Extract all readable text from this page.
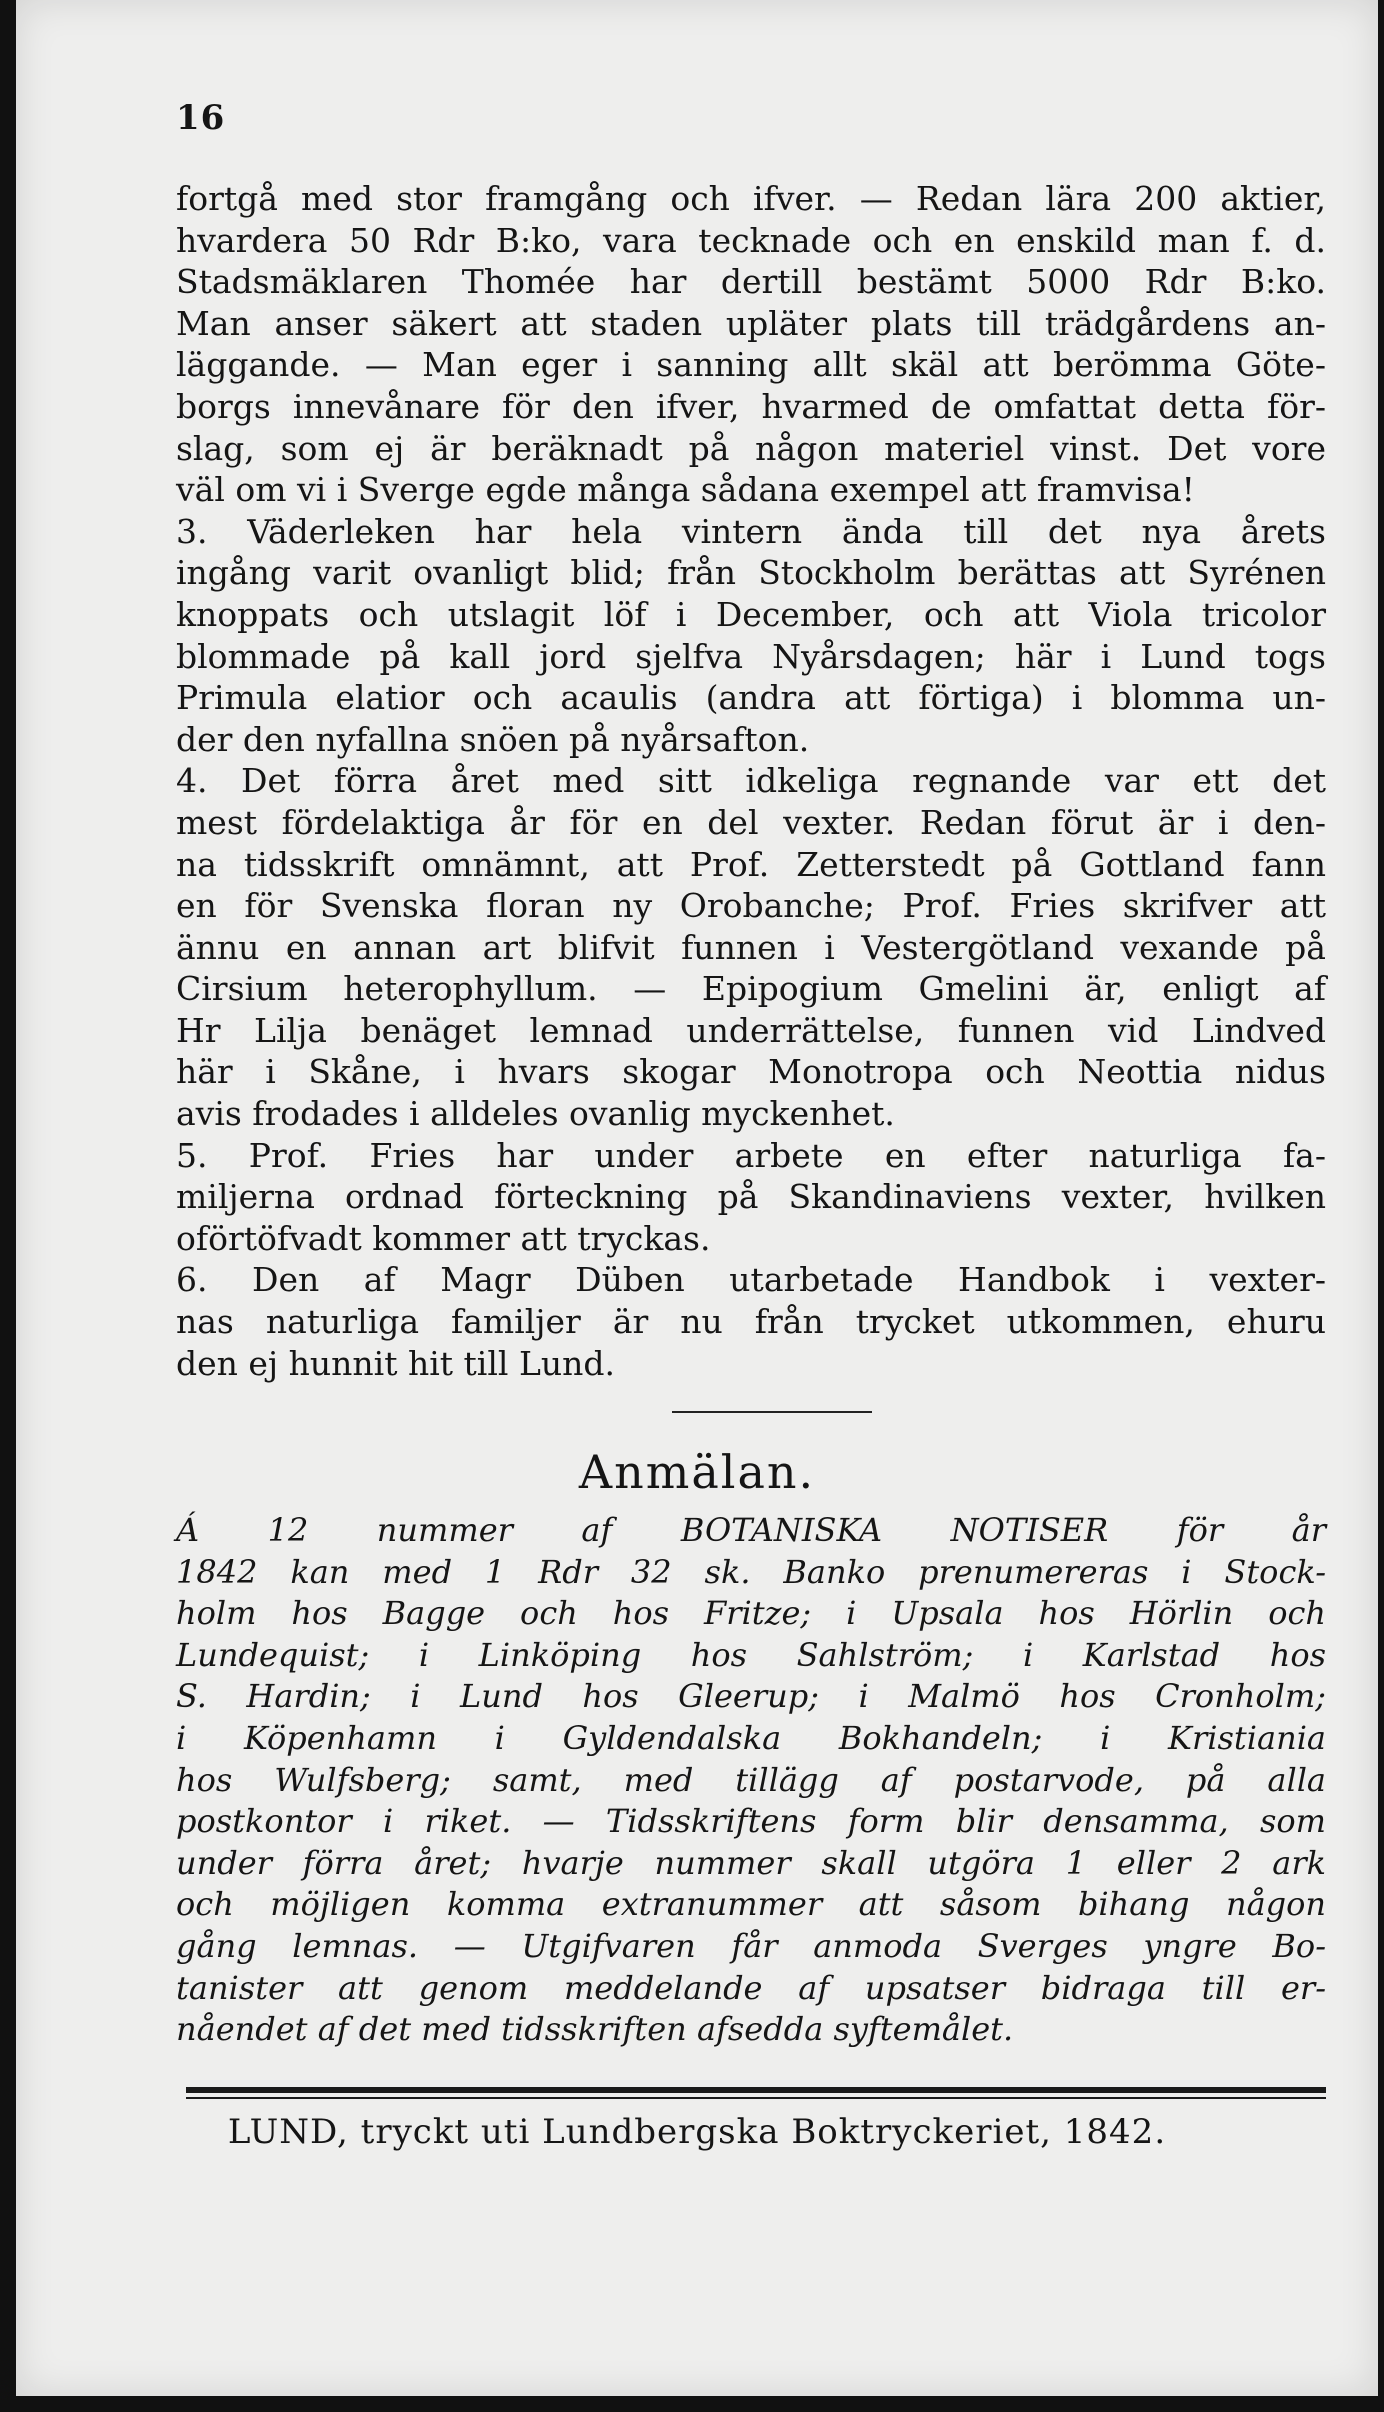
16
fortgå med stor framgång och ifver. — Redan lära 200 aktier,
hvardera 50 Rdr B:ko, vara tecknade och en enskild man f. d.
Stadsmäklaren Thomée har dertill bestämt 5000 Rdr B:ko.
Man anser säkert att staden upläter plats till trädgårdens an-
läggande. — Man eger i sanning allt skäl att berömma Göte-
borgs innevånare för den ifver, hvarmed de omfattat detta för-
slag, som ej är beräknadt på någon materiel vinst. Det vore
väl om vi i Sverge egde många sådana exempel att framvisa!
3. Väderleken har hela vintern ända till det nya årets
ingång varit ovanligt blid; från Stockholm berättas att Syrénen
knoppats och utslagit löf i December, och att Viola tricolor
blommade på kall jord sjelfva Nyårsdagen; här i Lund togs
Primula elatior och acaulis (andra att förtiga) i blomma un-
der den nyfallna snöen på nyårsafton.
4. Det förra året med sitt idkeliga regnande var ett det
mest fördelaktiga år för en del vexter. Redan förut är i den-
na tidsskrift omnämnt, att Prof. Zetterstedt på Gottland fann
en för Svenska floran ny Orobanche; Prof. Fries skrifver att
ännu en annan art blifvit funnen i Vestergötland vexande på
Cirsium heterophyllum. — Epipogium Gmelini är, enligt af
Hr Lilja benäget lemnad underrättelse, funnen vid Lindved
här i Skåne, i hvars skogar Monotropa och Neottia nidus
avis frodades i alldeles ovanlig myckenhet.
5. Prof. Fries har under arbete en efter naturliga fa-
miljerna ordnad förteckning på Skandinaviens vexter, hvilken
oförtöfvadt kommer att tryckas.
6. Den af Magr Düben utarbetade Handbok i vexter-
nas naturliga familjer är nu från trycket utkommen, ehuru
den ej hunnit hit till Lund.
Anmälan.
Á 12 nummer af BOTANISKA NOTISER för år
1842 kan med 1 Rdr 32 sk. Banko prenumereras i Stock-
holm hos Bagge och hos Fritze; i Upsala hos Hörlin och
Lundequist; i Linköping hos Sahlström; i Karlstad hos
S. Hardin; i Lund hos Gleerup; i Malmö hos Cronholm;
i Köpenhamn i Gyldendalska Bokhandeln; i Kristiania
hos Wulfsberg; samt, med tillägg af postarvode, på alla
postkontor i riket. — Tidsskriftens form blir densamma, som
under förra året; hvarje nummer skall utgöra 1 eller 2 ark
och möjligen komma extranummer att såsom bihang någon
gång lemnas. — Utgifvaren får anmoda Sverges yngre Bo-
tanister att genom meddelande af upsatser bidraga till er-
nåendet af det med tidsskriften afsedda syftemålet.
LUND, tryckt uti Lundbergska Boktryckeriet, 1842.
